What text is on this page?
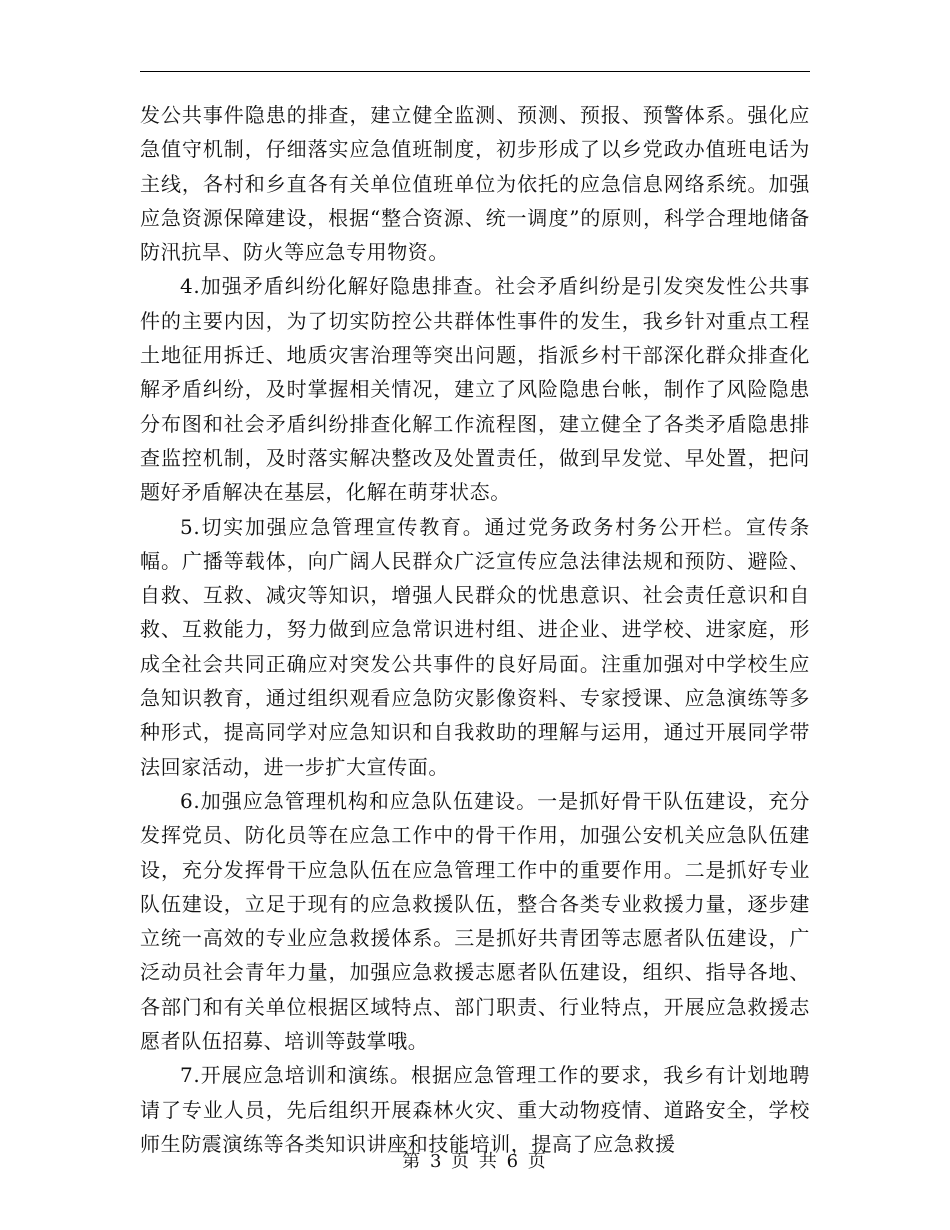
发公共事件隐患的排查，建立健全监测、预测、预报、预警体系。强化应急值守机制，仔细落实应急值班制度，初步形成了以乡党政办值班电话为主线，各村和乡直各有关单位值班单位为依托的应急信息网络系统。加强应急资源保障建设，根据“整合资源、统一调度”的原则，科学合理地储备防汛抗旱、防火等应急专用物资。

4.加强矛盾纠纷化解好隐患排查。社会矛盾纠纷是引发突发性公共事件的主要内因，为了切实防控公共群体性事件的发生，我乡针对重点工程土地征用拆迁、地质灾害治理等突出问题，指派乡村干部深化群众排查化解矛盾纠纷，及时掌握相关情况，建立了风险隐患台帐，制作了风险隐患分布图和社会矛盾纠纷排查化解工作流程图，建立健全了各类矛盾隐患排查监控机制，及时落实解决整改及处置责任，做到早发觉、早处置，把问题好矛盾解决在基层，化解在萌芽状态。

5.切实加强应急管理宣传教育。通过党务政务村务公开栏。宣传条幅。广播等载体，向广阔人民群众广泛宣传应急法律法规和预防、避险、自救、互救、减灾等知识，增强人民群众的忧患意识、社会责任意识和自救、互救能力，努力做到应急常识进村组、进企业、进学校、进家庭，形成全社会共同正确应对突发公共事件的良好局面。注重加强对中学校生应急知识教育，通过组织观看应急防灾影像资料、专家授课、应急演练等多种形式，提高同学对应急知识和自我救助的理解与运用，通过开展同学带法回家活动，进一步扩大宣传面。

6.加强应急管理机构和应急队伍建设。一是抓好骨干队伍建设，充分发挥党员、防化员等在应急工作中的骨干作用，加强公安机关应急队伍建设，充分发挥骨干应急队伍在应急管理工作中的重要作用。二是抓好专业队伍建设，立足于现有的应急救援队伍，整合各类专业救援力量，逐步建立统一高效的专业应急救援体系。三是抓好共青团等志愿者队伍建设，广泛动员社会青年力量，加强应急救援志愿者队伍建设，组织、指导各地、各部门和有关单位根据区域特点、部门职责、行业特点，开展应急救援志愿者队伍招募、培训等鼓掌哦。

7.开展应急培训和演练。根据应急管理工作的要求，我乡有计划地聘请了专业人员，先后组织开展森林火灾、重大动物疫情、道路安全，学校师生防震演练等各类知识讲座和技能培训，提高了应急救援

第 3 页 共 6 页
